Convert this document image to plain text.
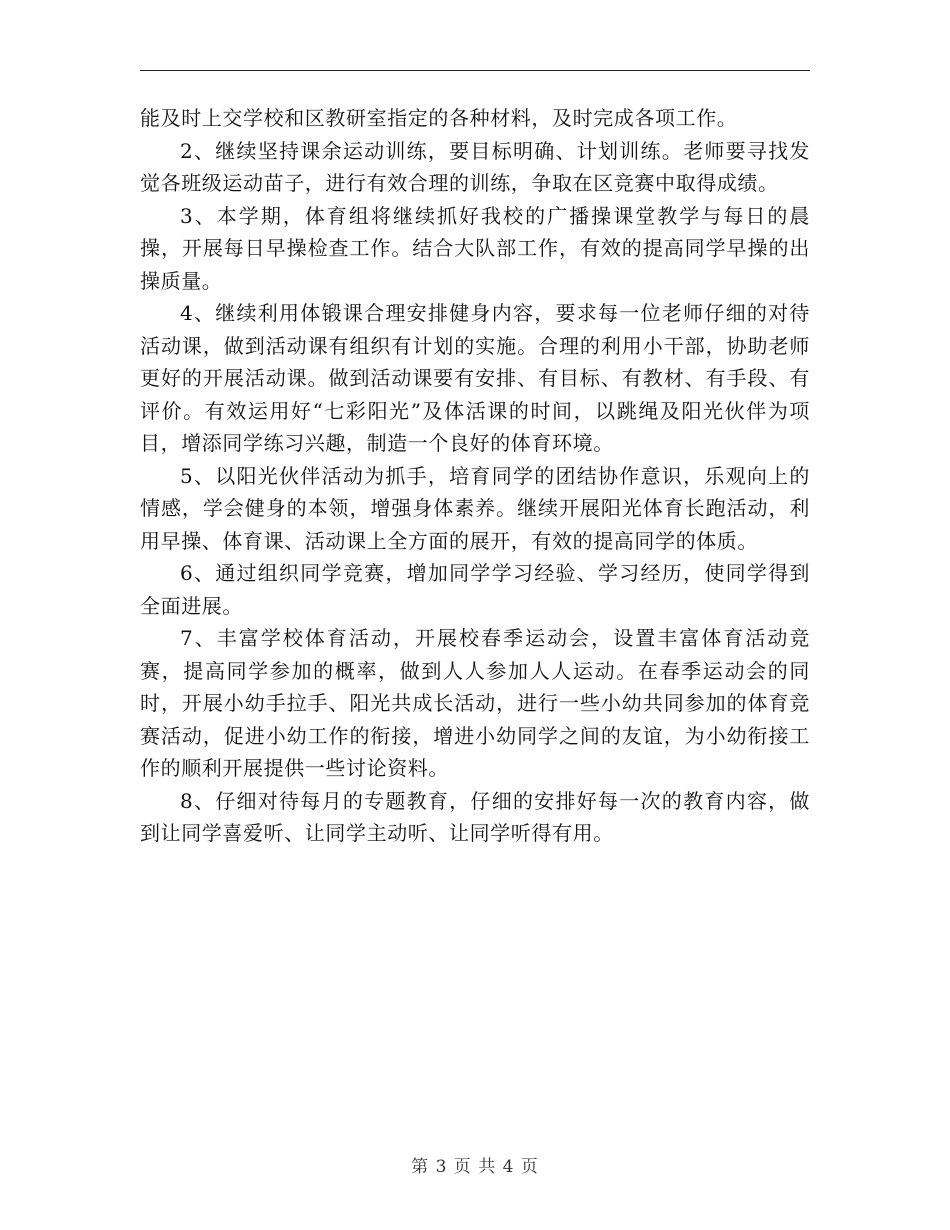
能及时上交学校和区教研室指定的各种材料，及时完成各项工作。

2、继续坚持课余运动训练，要目标明确、计划训练。老师要寻找发觉各班级运动苗子，进行有效合理的训练，争取在区竞赛中取得成绩。

3、本学期，体育组将继续抓好我校的广播操课堂教学与每日的晨操，开展每日早操检查工作。结合大队部工作，有效的提高同学早操的出操质量。

4、继续利用体锻课合理安排健身内容，要求每一位老师仔细的对待活动课，做到活动课有组织有计划的实施。合理的利用小干部，协助老师更好的开展活动课。做到活动课要有安排、有目标、有教材、有手段、有评价。有效运用好“七彩阳光”及体活课的时间，以跳绳及阳光伙伴为项目，增添同学练习兴趣，制造一个良好的体育环境。

5、以阳光伙伴活动为抓手，培育同学的团结协作意识，乐观向上的情感，学会健身的本领，增强身体素养。继续开展阳光体育长跑活动，利用早操、体育课、活动课上全方面的展开，有效的提高同学的体质。

6、通过组织同学竞赛，增加同学学习经验、学习经历，使同学得到全面进展。

7、丰富学校体育活动，开展校春季运动会，设置丰富体育活动竞赛，提高同学参加的概率，做到人人参加人人运动。在春季运动会的同时，开展小幼手拉手、阳光共成长活动，进行一些小幼共同参加的体育竞赛活动，促进小幼工作的衔接，增进小幼同学之间的友谊，为小幼衔接工作的顺利开展提供一些讨论资料。

8、仔细对待每月的专题教育，仔细的安排好每一次的教育内容，做到让同学喜爱听、让同学主动听、让同学听得有用。

第 3 页 共 4 页
